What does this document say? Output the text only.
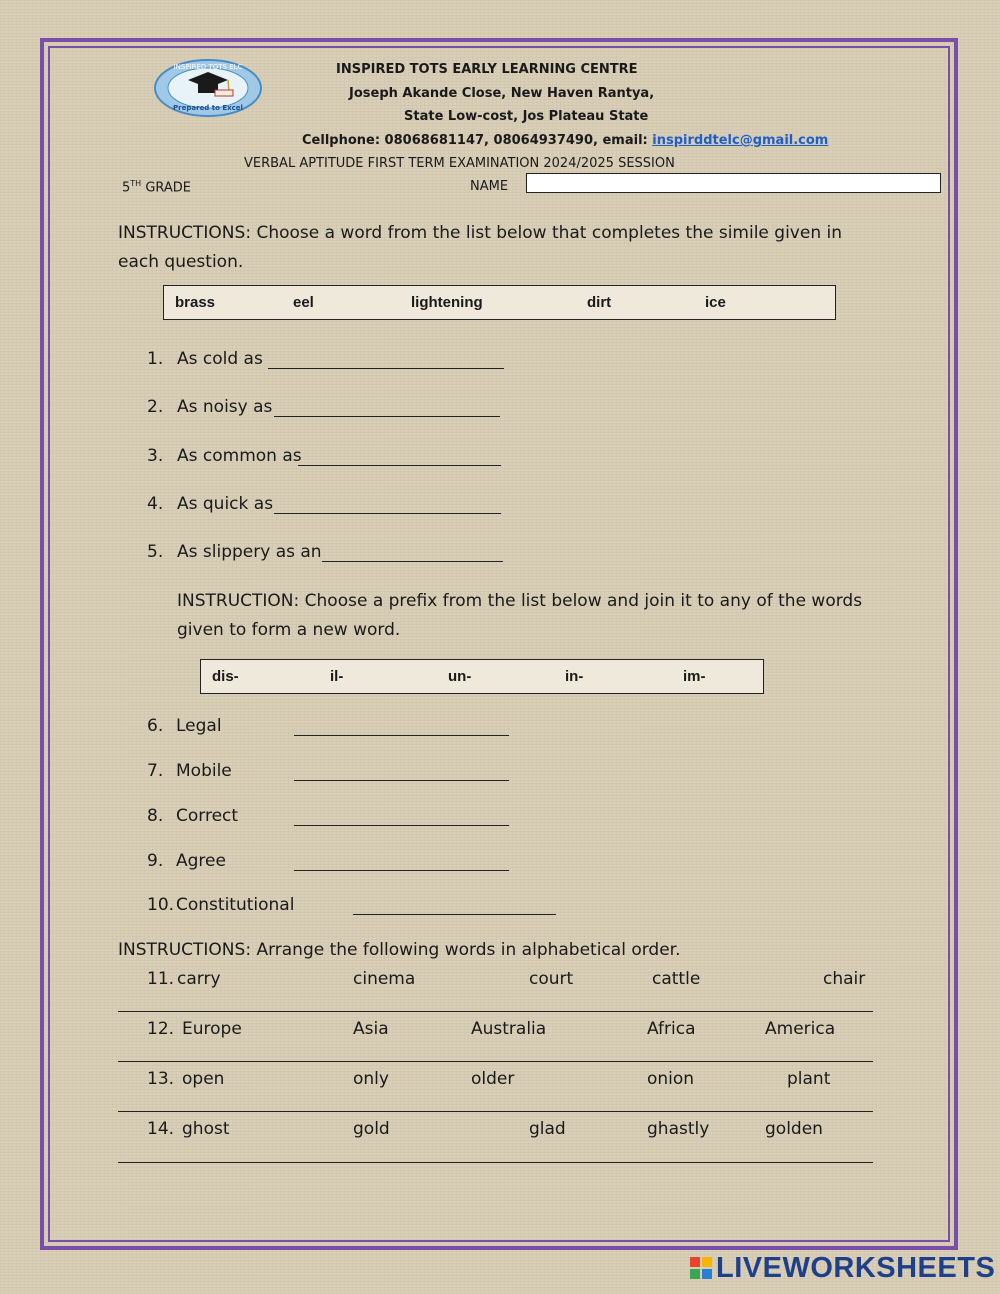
INSPIRED TOTS ELC
Prepared to Excel
INSPIRED TOTS EARLY LEARNING CENTRE
Joseph Akande Close, New Haven Rantya,
State Low-cost, Jos Plateau State
Cellphone: 08068681147, 08064937490, email: inspirddtelc@gmail.com
VERBAL APTITUDE FIRST TERM EXAMINATION 2024/2025 SESSION
5TH GRADE	NAME
INSTRUCTIONS: Choose a word from the list below that completes the simile given in
each question.
brass	eel	lightening	dirt	ice
1. As cold as
2. As noisy as
3. As common as
4. As quick as
5. As slippery as an
INSTRUCTION: Choose a prefix from the list below and join it to any of the words
given to form a new word.
dis-	il-	un-	in-	im-
6. Legal
7. Mobile
8. Correct
9. Agree
10. Constitutional
INSTRUCTIONS: Arrange the following words in alphabetical order.
11. carry	cinema	court	cattle	chair
12. Europe	Asia	Australia	Africa	America
13. open	only	older	onion	plant
14. ghost	gold	glad	ghastly	golden
LIVEWORKSHEETS
